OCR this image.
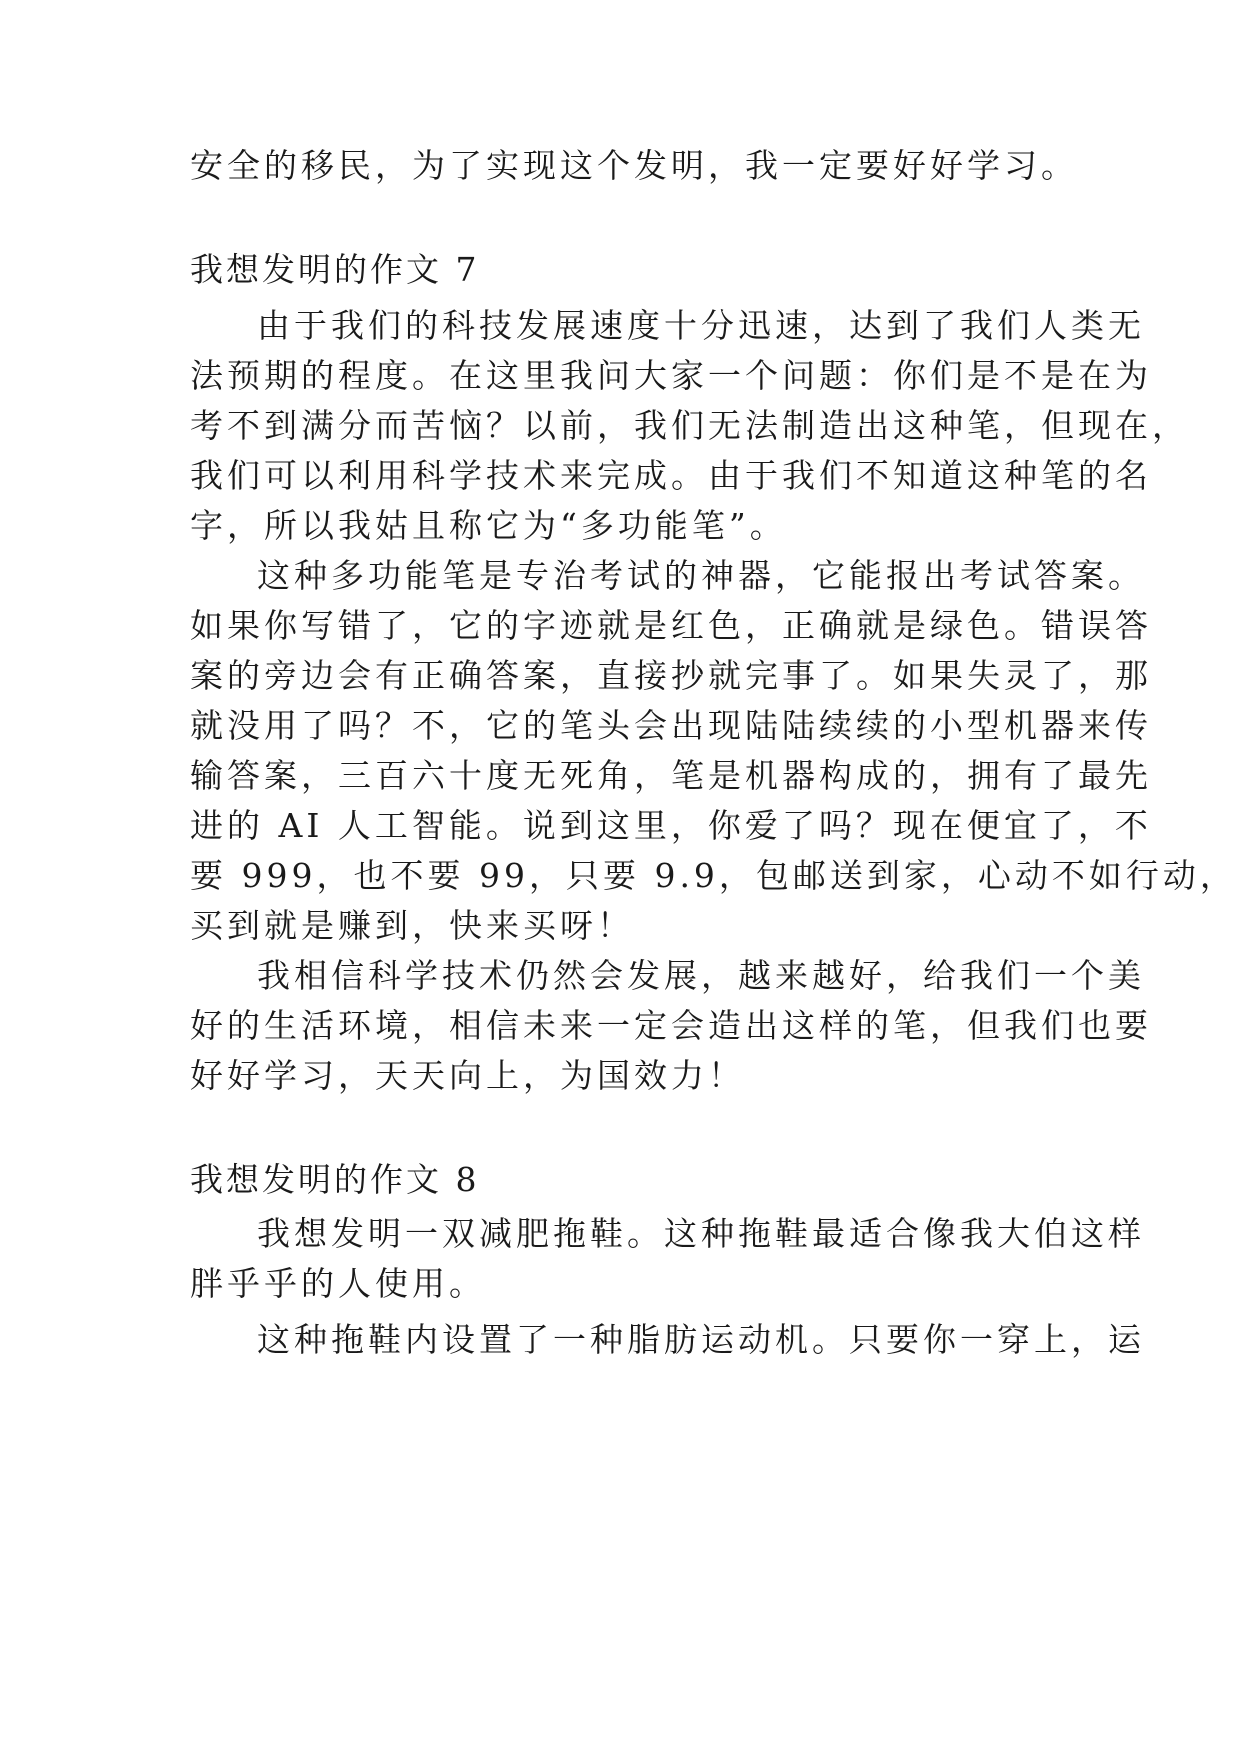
安全的移民，为了实现这个发明，我一定要好好学习。
我想发明的作文 7
由于我们的科技发展速度十分迅速，达到了我们人类无
法预期的程度。在这里我问大家一个问题：你们是不是在为
考不到满分而苦恼？以前，我们无法制造出这种笔，但现在，
我们可以利用科学技术来完成。由于我们不知道这种笔的名
字，所以我姑且称它为“多功能笔”。
这种多功能笔是专治考试的神器，它能报出考试答案。
如果你写错了，它的字迹就是红色，正确就是绿色。错误答
案的旁边会有正确答案，直接抄就完事了。如果失灵了，那
就没用了吗？不，它的笔头会出现陆陆续续的小型机器来传
输答案，三百六十度无死角，笔是机器构成的，拥有了最先
进的 AI 人工智能。说到这里，你爱了吗？现在便宜了，不
要 999，也不要 99，只要 9.9，包邮送到家，心动不如行动，
买到就是赚到，快来买呀！
我相信科学技术仍然会发展，越来越好，给我们一个美
好的生活环境，相信未来一定会造出这样的笔，但我们也要
好好学习，天天向上，为国效力！
我想发明的作文 8
我想发明一双减肥拖鞋。这种拖鞋最适合像我大伯这样
胖乎乎的人使用。
这种拖鞋内设置了一种脂肪运动机。只要你一穿上，运
